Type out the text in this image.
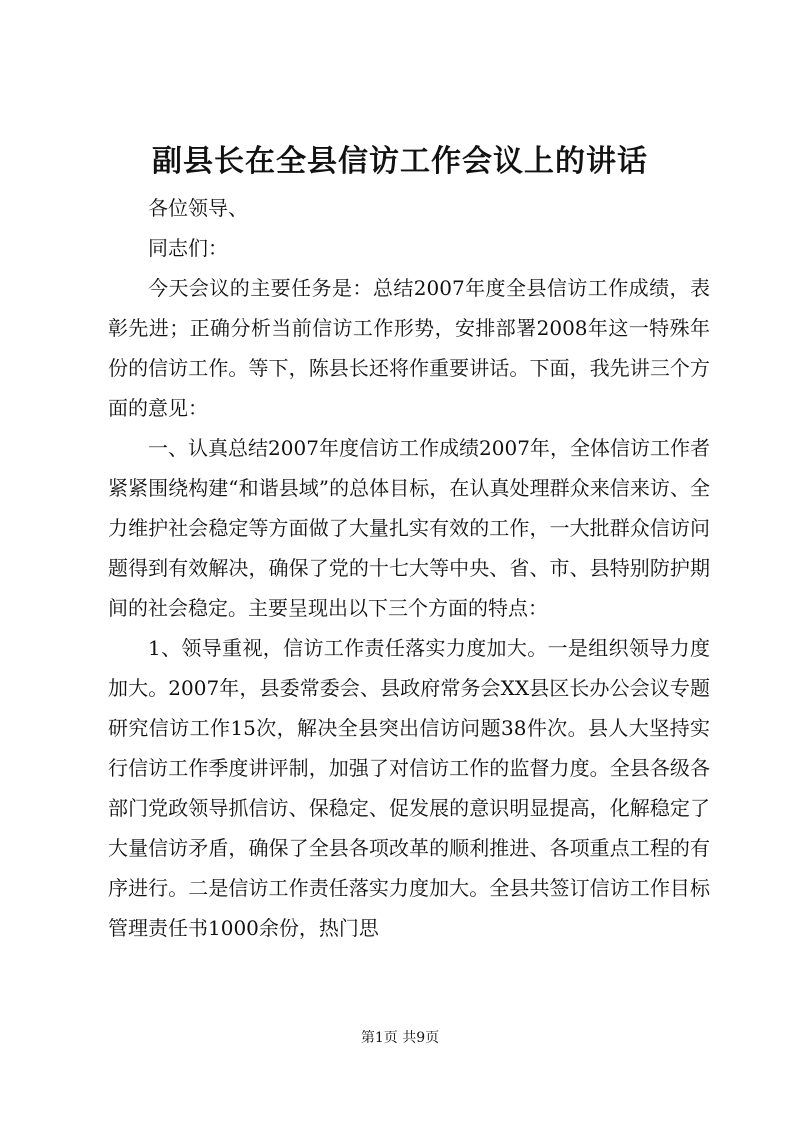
副县长在全县信访工作会议上的讲话

各位领导、

同志们：

今天会议的主要任务是：总结2007年度全县信访工作成绩，表彰先进；正确分析当前信访工作形势，安排部署2008年这一特殊年份的信访工作。等下，陈县长还将作重要讲话。下面，我先讲三个方面的意见：

一、认真总结2007年度信访工作成绩2007年，全体信访工作者紧紧围绕构建“和谐县域”的总体目标，在认真处理群众来信来访、全力维护社会稳定等方面做了大量扎实有效的工作，一大批群众信访问题得到有效解决，确保了党的十七大等中央、省、市、县特别防护期间的社会稳定。主要呈现出以下三个方面的特点：

1、领导重视，信访工作责任落实力度加大。一是组织领导力度加大。2007年，县委常委会、县政府常务会XX县区长办公会议专题研究信访工作15次，解决全县突出信访问题38件次。县人大坚持实行信访工作季度讲评制，加强了对信访工作的监督力度。全县各级各部门党政领导抓信访、保稳定、促发展的意识明显提高，化解稳定了大量信访矛盾，确保了全县各项改革的顺利推进、各项重点工程的有序进行。二是信访工作责任落实力度加大。全县共签订信访工作目标管理责任书1000余份，热门思

第1页 共9页
